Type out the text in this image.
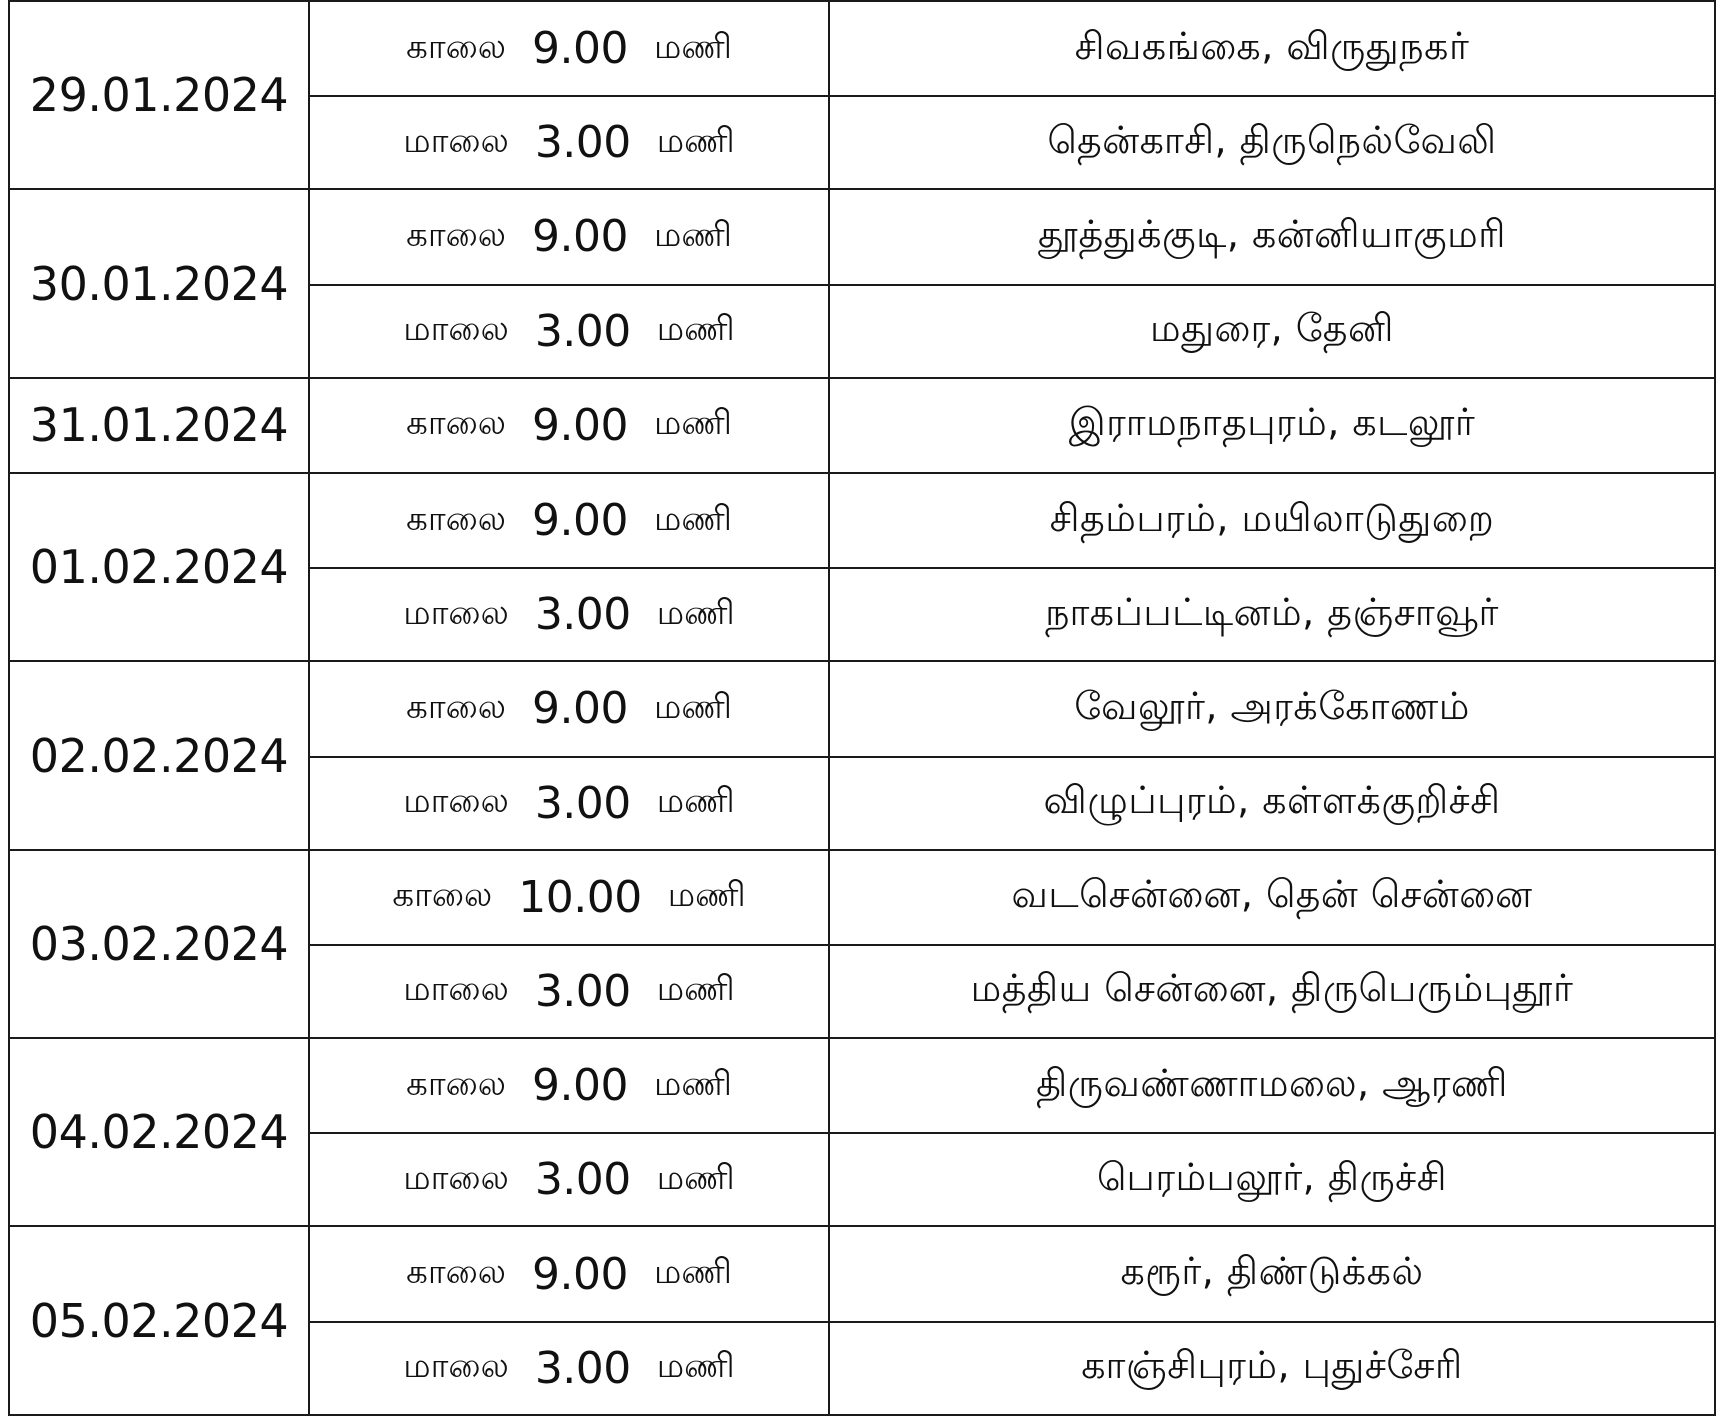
29.01.2024	காலை 9.00 மணி	சிவகங்கை, விருதுநகர்
	மாலை 3.00 மணி	தென்காசி, திருநெல்வேலி
30.01.2024	காலை 9.00 மணி	தூத்துக்குடி, கன்னியாகுமரி
	மாலை 3.00 மணி	மதுரை, தேனி
31.01.2024	காலை 9.00 மணி	இராமநாதபுரம், கடலூர்
01.02.2024	காலை 9.00 மணி	சிதம்பரம், மயிலாடுதுறை
	மாலை 3.00 மணி	நாகப்பட்டினம், தஞ்சாவூர்
02.02.2024	காலை 9.00 மணி	வேலூர், அரக்கோணம்
	மாலை 3.00 மணி	விழுப்புரம், கள்ளக்குறிச்சி
03.02.2024	காலை 10.00 மணி	வடசென்னை, தென் சென்னை
	மாலை 3.00 மணி	மத்திய சென்னை, திருபெரும்புதூர்
04.02.2024	காலை 9.00 மணி	திருவண்ணாமலை, ஆரணி
	மாலை 3.00 மணி	பெரம்பலூர், திருச்சி
05.02.2024	காலை 9.00 மணி	கரூர், திண்டுக்கல்
	மாலை 3.00 மணி	காஞ்சிபுரம், புதுச்சேரி
